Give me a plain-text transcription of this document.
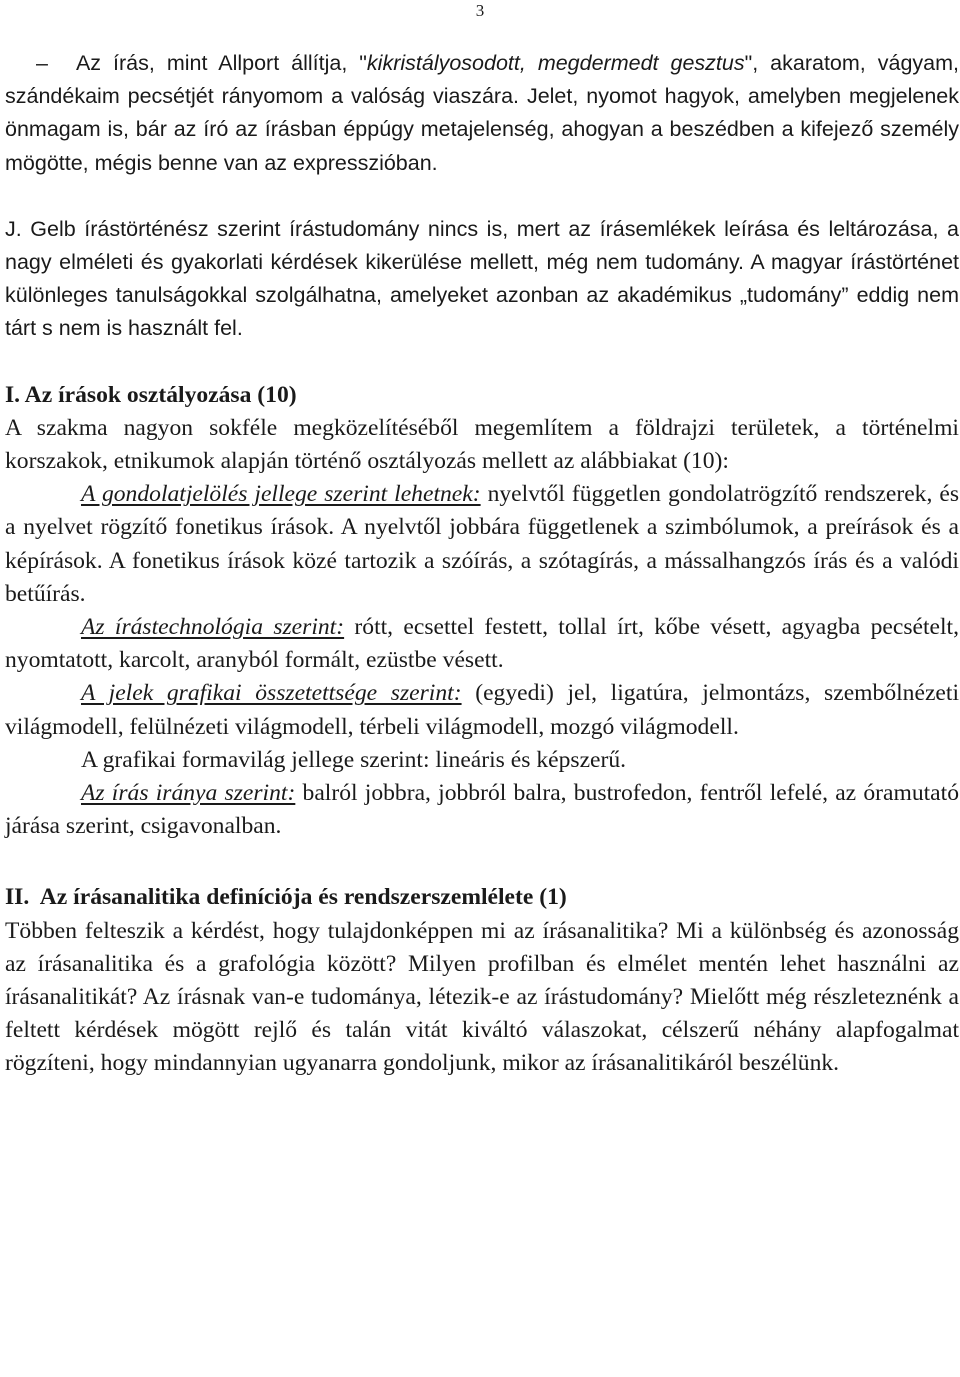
3

– Az írás, mint Allport állítja, "kikristályosodott, megdermedt gesztus", akaratom, vágyam, szándékaim pecsétjét rányomom a valóság viaszára. Jelet, nyomot hagyok, amelyben megjelenek önmagam is, bár az író az írásban éppúgy metajelenség, ahogyan a beszédben a kifejező személy mögötte, mégis benne van az expresszióban.

J. Gelb írástörténész szerint írástudomány nincs is, mert az írásemlékek leírása és leltározása, a nagy elméleti és gyakorlati kérdések kikerülése mellett, még nem tudomány. A magyar írástörténet különleges tanulságokkal szolgálhatna, amelyeket azonban az akadémikus „tudomány” eddig nem tárt s nem is használt fel.

I. Az írások osztályozása (10)

A szakma nagyon sokféle megközelítéséből megemlítem a földrajzi területek, a történelmi korszakok, etnikumok alapján történő osztályozás mellett az alábbiakat (10):

A gondolatjelölés jellege szerint lehetnek: nyelvtől független gondolatrögzítő rendszerek, és a nyelvet rögzítő fonetikus írások. A nyelvtől jobbára függetlenek a szimbólumok, a preírások és a képírások. A fonetikus írások közé tartozik a szóírás, a szótagírás, a mássalhangzós írás és a valódi betűírás.

Az írástechnológia szerint: rótt, ecsettel festett, tollal írt, kőbe vésett, agyagba pecsételt, nyomtatott, karcolt, aranyból formált, ezüstbe vésett.

A jelek grafikai összetettsége szerint: (egyedi) jel, ligatúra, jelmontázs, szembőlnézeti világmodell, felülnézeti világmodell, térbeli világmodell, mozgó világmodell.

A grafikai formavilág jellege szerint: lineáris és képszerű.

Az írás iránya szerint: balról jobbra, jobbról balra, bustrofedon, fentről lefelé, az óramutató járása szerint, csigavonalban.

II.  Az írásanalitika definíciója és rendszerszemlélete (1)

Többen felteszik a kérdést, hogy tulajdonképpen mi az írásanalitika? Mi a különbség és azonosság az írásanalitika és a grafológia között? Milyen profilban és elmélet mentén lehet használni az írásanalitikát? Az írásnak van-e tudománya, létezik-e az írástudomány? Mielőtt még részleteznénk a feltett kérdések mögött rejlő és talán vitát kiváltó válaszokat, célszerű néhány alapfogalmat rögzíteni, hogy mindannyian ugyanarra gondoljunk, mikor az írásanalitikáról beszélünk.
